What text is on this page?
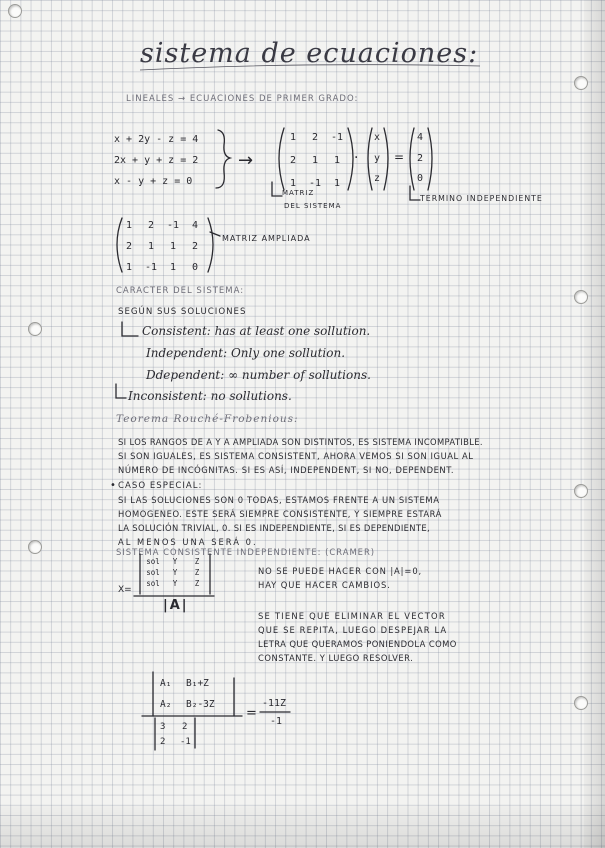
sistema de ecuaciones:
LINEALES → ECUACIONES DE PRIMER GRADO:
x + 2y - z = 4
2x + y + z = 2
x - y + z = 0
→
1	2	-1
2	1	1
1	-1	1
·
x
y
z
=
4
2
0
MATRIZ
DEL SISTEMA
TERMINO INDEPENDIENTE
1	2	-1	4
2	1	1	2
1	-1	1	0
MATRIZ AMPLIADA
CARACTER DEL SISTEMA:
SEGÚN SUS SOLUCIONES
Consistent: has at least one sollution.
Independent: Only one sollution.
Ddependent: ∞ number of sollutions.
Inconsistent: no sollutions.
Teorema Rouché-Frobenious:
SI LOS RANGOS DE A Y A AMPLIADA SON DISTINTOS, ES SISTEMA INCOMPATIBLE.
SI SON IGUALES, ES SISTEMA CONSISTENT, AHORA VEMOS SI SON IGUAL AL
NÚMERO DE INCÓGNITAS. SI ES ASÍ, INDEPENDENT, SI NO, DEPENDENT.
• CASO ESPECIAL:
SI LAS SOLUCIONES SON 0 TODAS, ESTAMOS FRENTE A UN SISTEMA
HOMOGENEO. ESTE SERÁ SIEMPRE CONSISTENTE, Y SIEMPRE ESTARÁ
LA SOLUCIÓN TRIVIAL, 0. SI ES INDEPENDIENTE, SI ES DEPENDIENTE,
AL MENOS UNA SERÁ 0.
SISTEMA CONSISTENTE INDEPENDIENTE: (CRAMER)
X=
sol	Y	Z
sol	Y	Z
sol	Y	Z
|A|
NO SE PUEDE HACER CON |A|=0,
HAY QUE HACER CAMBIOS.
SE TIENE QUE ELIMINAR EL VECTOR
QUE SE REPITA, LUEGO DESPEJAR LA
LETRA QUE QUERAMOS PONIENDOLA COMO
CONSTANTE. Y LUEGO RESOLVER.
A₁ B₁+Z
A₂ B₂-3Z
3 2
2 -1
=
-11Z
-1
